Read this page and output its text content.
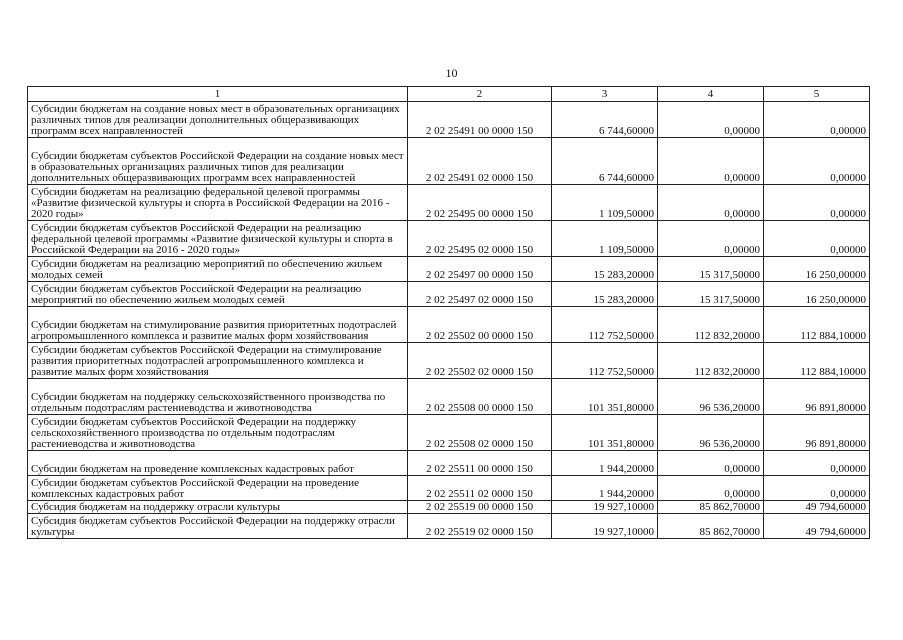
10
1	2	3	4	5
Субсидии бюджетам на создание новых мест в образовательных организациях различных типов для реализации дополнительных общеразвивающих программ всех направленностей	2 02 25491 00 0000 150	6 744,60000	0,00000	0,00000
Субсидии бюджетам субъектов Российской Федерации на создание новых мест в образовательных организациях различных типов для реализации дополнительных общеразвивающих программ всех направленностей	2 02 25491 02 0000 150	6 744,60000	0,00000	0,00000
Субсидии бюджетам на реализацию федеральной целевой программы «Развитие физической культуры и спорта в Российской Федерации на 2016 - 2020 годы»	2 02 25495 00 0000 150	1 109,50000	0,00000	0,00000
Субсидии бюджетам субъектов Российской Федерации на реализацию федеральной целевой программы «Развитие физической культуры и спорта в Российской Федерации на 2016 - 2020 годы»	2 02 25495 02 0000 150	1 109,50000	0,00000	0,00000
Субсидии бюджетам на реализацию мероприятий по обеспечению жильем молодых семей	2 02 25497 00 0000 150	15 283,20000	15 317,50000	16 250,00000
Субсидии бюджетам субъектов Российской Федерации на реализацию мероприятий по обеспечению жильем молодых семей	2 02 25497 02 0000 150	15 283,20000	15 317,50000	16 250,00000
Субсидии бюджетам на стимулирование развития приоритетных подотраслей агропромышленного комплекса и развитие малых форм хозяйствования	2 02 25502 00 0000 150	112 752,50000	112 832,20000	112 884,10000
Субсидии бюджетам субъектов Российской Федерации на стимулирование развития приоритетных подотраслей агропромышленного комплекса и развитие малых форм хозяйствования	2 02 25502 02 0000 150	112 752,50000	112 832,20000	112 884,10000
Субсидии бюджетам на поддержку сельскохозяйственного производства по отдельным подотраслям растениеводства и животноводства	2 02 25508 00 0000 150	101 351,80000	96 536,20000	96 891,80000
Субсидии бюджетам субъектов Российской Федерации на поддержку сельскохозяйственного производства по отдельным подотраслям растениеводства и животноводства	2 02 25508 02 0000 150	101 351,80000	96 536,20000	96 891,80000
Субсидии бюджетам на проведение комплексных кадастровых работ	2 02 25511 00 0000 150	1 944,20000	0,00000	0,00000
Субсидии бюджетам субъектов Российской Федерации на проведение комплексных кадастровых работ	2 02 25511 02 0000 150	1 944,20000	0,00000	0,00000
Субсидия бюджетам на поддержку отрасли культуры	2 02 25519 00 0000 150	19 927,10000	85 862,70000	49 794,60000
Субсидия бюджетам субъектов Российской Федерации на поддержку отрасли культуры	2 02 25519 02 0000 150	19 927,10000	85 862,70000	49 794,60000
